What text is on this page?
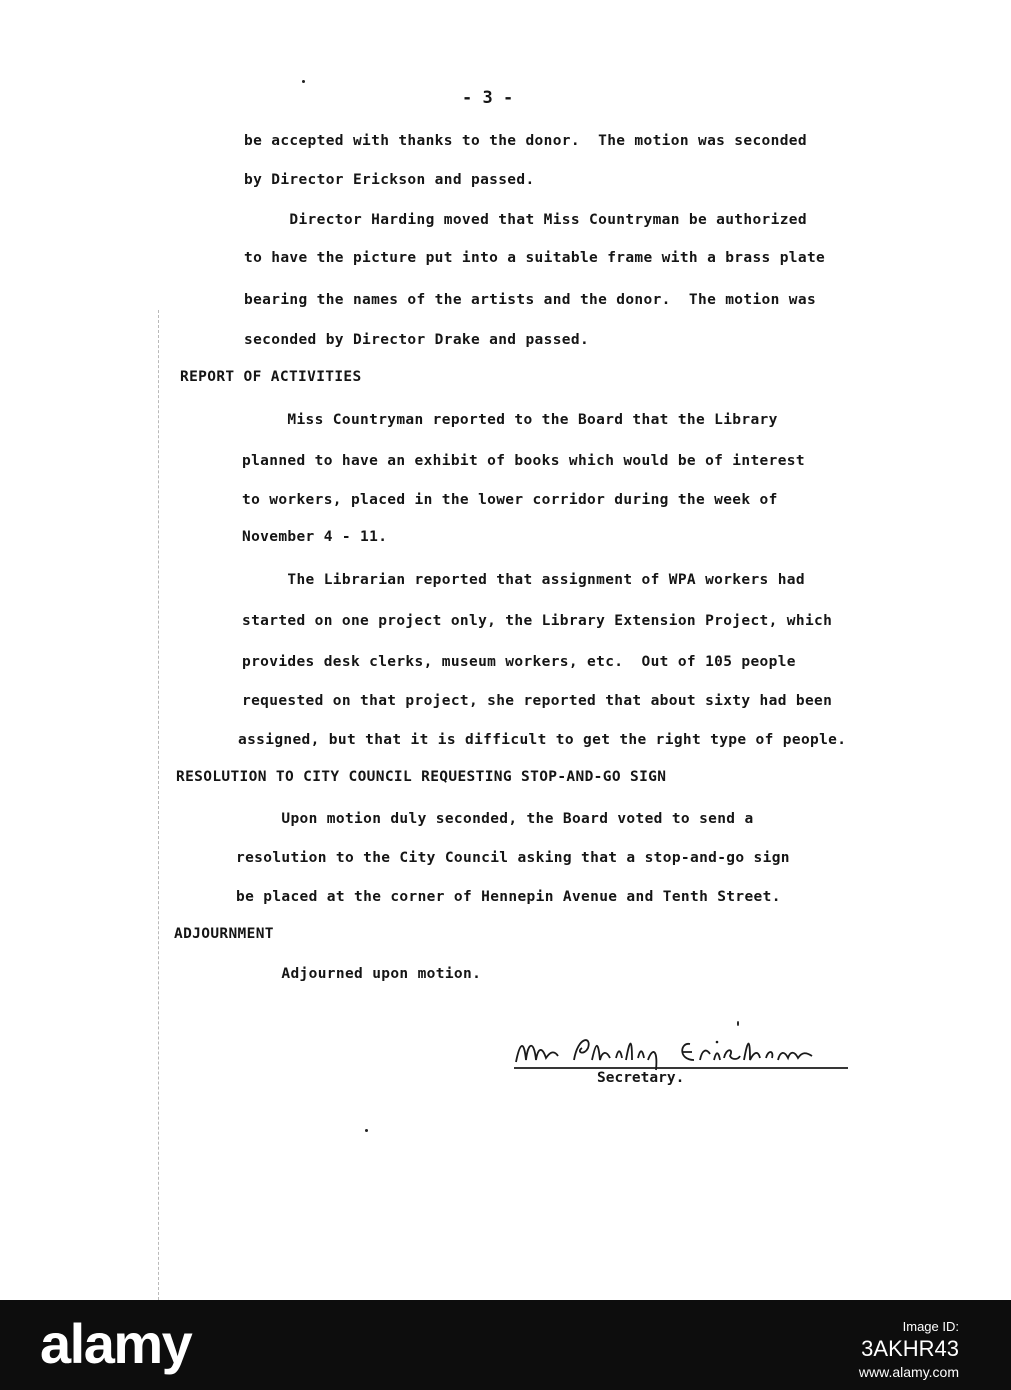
- 3 -
be accepted with thanks to the donor.  The motion was seconded
by Director Erickson and passed.
Director Harding moved that Miss Countryman be authorized
to have the picture put into a suitable frame with a brass plate
bearing the names of the artists and the donor.  The motion was
seconded by Director Drake and passed.
REPORT OF ACTIVITIES
Miss Countryman reported to the Board that the Library
planned to have an exhibit of books which would be of interest
to workers, placed in the lower corridor during the week of
November 4 - 11.
The Librarian reported that assignment of WPA workers had
started on one project only, the Library Extension Project, which
provides desk clerks, museum workers, etc.  Out of 105 people
requested on that project, she reported that about sixty had been
assigned, but that it is difficult to get the right type of people.
RESOLUTION TO CITY COUNCIL REQUESTING STOP-AND-GO SIGN
Upon motion duly seconded, the Board voted to send a
resolution to the City Council asking that a stop-and-go sign
be placed at the corner of Hennepin Avenue and Tenth Street.
ADJOURNMENT
Adjourned upon motion.
Secretary.
alamy	Image ID:
3AKHR43
www.alamy.com
